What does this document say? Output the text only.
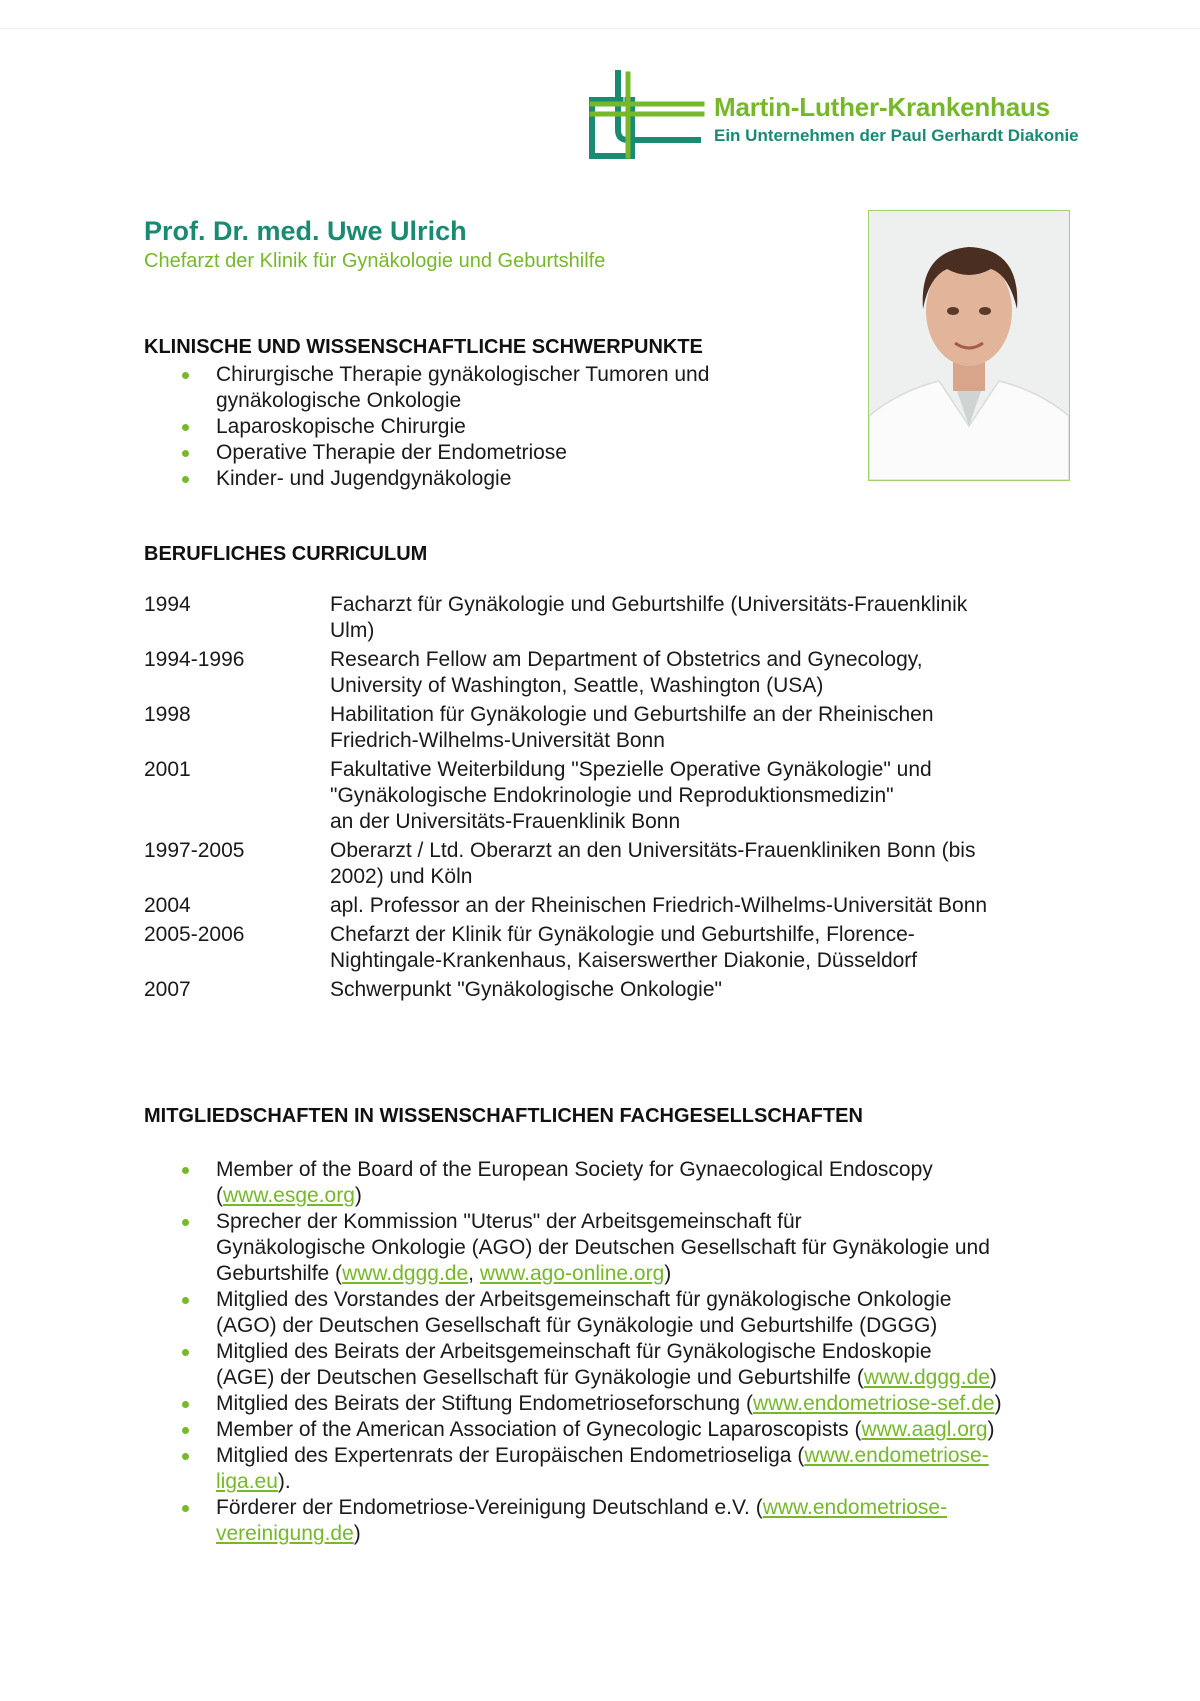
Martin-Luther-Krankenhaus
Ein Unternehmen der Paul Gerhardt Diakonie
Prof. Dr. med. Uwe Ulrich
Chefarzt der Klinik für Gynäkologie und Geburtshilfe
KLINISCHE UND WISSENSCHAFTLICHE SCHWERPUNKTE
Chirurgische Therapie gynäkologischer Tumoren und
gynäkologische Onkologie
Laparoskopische Chirurgie
Operative Therapie der Endometriose
Kinder- und Jugendgynäkologie
BERUFLICHES CURRICULUM
1994	Facharzt für Gynäkologie und Geburtshilfe (Universitäts-Frauenklinik
Ulm)
1994-1996	Research Fellow am Department of Obstetrics and Gynecology,
University of Washington, Seattle, Washington (USA)
1998	Habilitation für Gynäkologie und Geburtshilfe an der Rheinischen
Friedrich-Wilhelms-Universität Bonn
2001	Fakultative Weiterbildung "Spezielle Operative Gynäkologie" und
"Gynäkologische Endokrinologie und Reproduktionsmedizin"
an der Universitäts-Frauenklinik Bonn
1997-2005	Oberarzt / Ltd. Oberarzt an den Universitäts-Frauenkliniken Bonn (bis
2002) und Köln
2004	apl. Professor an der Rheinischen Friedrich-Wilhelms-Universität Bonn
2005-2006	Chefarzt der Klinik für Gynäkologie und Geburtshilfe, Florence-
Nightingale-Krankenhaus, Kaiserswerther Diakonie, Düsseldorf
2007	Schwerpunkt "Gynäkologische Onkologie"
MITGLIEDSCHAFTEN IN WISSENSCHAFTLICHEN FACHGESELLSCHAFTEN
Member of the Board of the European Society for Gynaecological Endoscopy
(www.esge.org)
Sprecher der Kommission "Uterus" der Arbeitsgemeinschaft für
Gynäkologische Onkologie (AGO) der Deutschen Gesellschaft für Gynäkologie und
Geburtshilfe (www.dggg.de, www.ago-online.org)
Mitglied des Vorstandes der Arbeitsgemeinschaft für gynäkologische Onkologie
(AGO) der Deutschen Gesellschaft für Gynäkologie und Geburtshilfe (DGGG)
Mitglied des Beirats der Arbeitsgemeinschaft für Gynäkologische Endoskopie
(AGE) der Deutschen Gesellschaft für Gynäkologie und Geburtshilfe (www.dggg.de)
Mitglied des Beirats der Stiftung Endometrioseforschung (www.endometriose-sef.de)
Member of the American Association of Gynecologic Laparoscopists (www.aagl.org)
Mitglied des Expertenrats der Europäischen Endometrioseliga (www.endometriose-
liga.eu).
Förderer der Endometriose-Vereinigung Deutschland e.V. (www.endometriose-
vereinigung.de)
